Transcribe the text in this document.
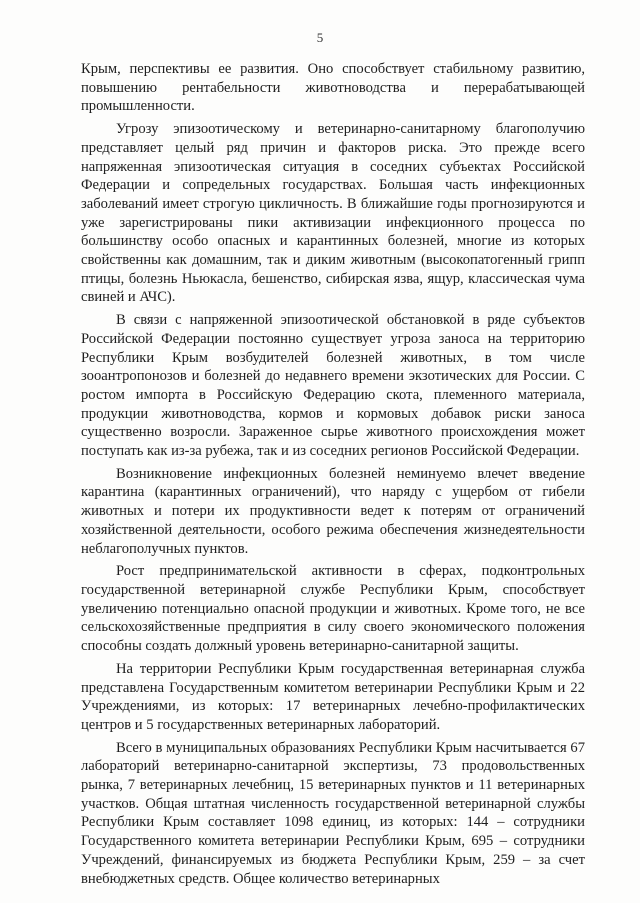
5

Крым, перспективы ее развития. Оно способствует стабильному развитию, повышению рентабельности животноводства и перерабатывающей промышленности.

Угрозу эпизоотическому и ветеринарно-санитарному благополучию представляет целый ряд причин и факторов риска. Это прежде всего напряженная эпизоотическая ситуация в соседних субъектах Российской Федерации и сопредельных государствах. Большая часть инфекционных заболеваний имеет строгую цикличность. В ближайшие годы прогнозируются и уже зарегистрированы пики активизации инфекционного процесса по большинству особо опасных и карантинных болезней, многие из которых свойственны как домашним, так и диким животным (высокопатогенный грипп птицы, болезнь Ньюкасла, бешенство, сибирская язва, ящур, классическая чума свиней и АЧС).

В связи с напряженной эпизоотической обстановкой в ряде субъектов Российской Федерации постоянно существует угроза заноса на территорию Республики Крым возбудителей болезней животных, в том числе зооантропонозов и болезней до недавнего времени экзотических для России. С ростом импорта в Российскую Федерацию скота, племенного материала, продукции животноводства, кормов и кормовых добавок риски заноса существенно возросли. Зараженное сырье животного происхождения может поступать как из-за рубежа, так и из соседних регионов Российской Федерации.

Возникновение инфекционных болезней неминуемо влечет введение карантина (карантинных ограничений), что наряду с ущербом от гибели животных и потери их продуктивности ведет к потерям от ограничений хозяйственной деятельности, особого режима обеспечения жизнедеятельности неблагополучных пунктов.

Рост предпринимательской активности в сферах, подконтрольных государственной ветеринарной службе Республики Крым, способствует увеличению потенциально опасной продукции и животных. Кроме того, не все сельскохозяйственные предприятия в силу своего экономического положения способны создать должный уровень ветеринарно-санитарной защиты.

На территории Республики Крым государственная ветеринарная служба представлена Государственным комитетом ветеринарии Республики Крым и 22 Учреждениями, из которых: 17 ветеринарных лечебно-профилактических центров и 5 государственных ветеринарных лабораторий.

Всего в муниципальных образованиях Республики Крым насчитывается 67 лабораторий ветеринарно-санитарной экспертизы, 73 продовольственных рынка, 7 ветеринарных лечебниц, 15 ветеринарных пунктов и 11 ветеринарных участков. Общая штатная численность государственной ветеринарной службы Республики Крым составляет 1098 единиц, из которых: 144 – сотрудники Государственного комитета ветеринарии Республики Крым, 695 – сотрудники Учреждений, финансируемых из бюджета Республики Крым, 259 – за счет внебюджетных средств. Общее количество ветеринарных
